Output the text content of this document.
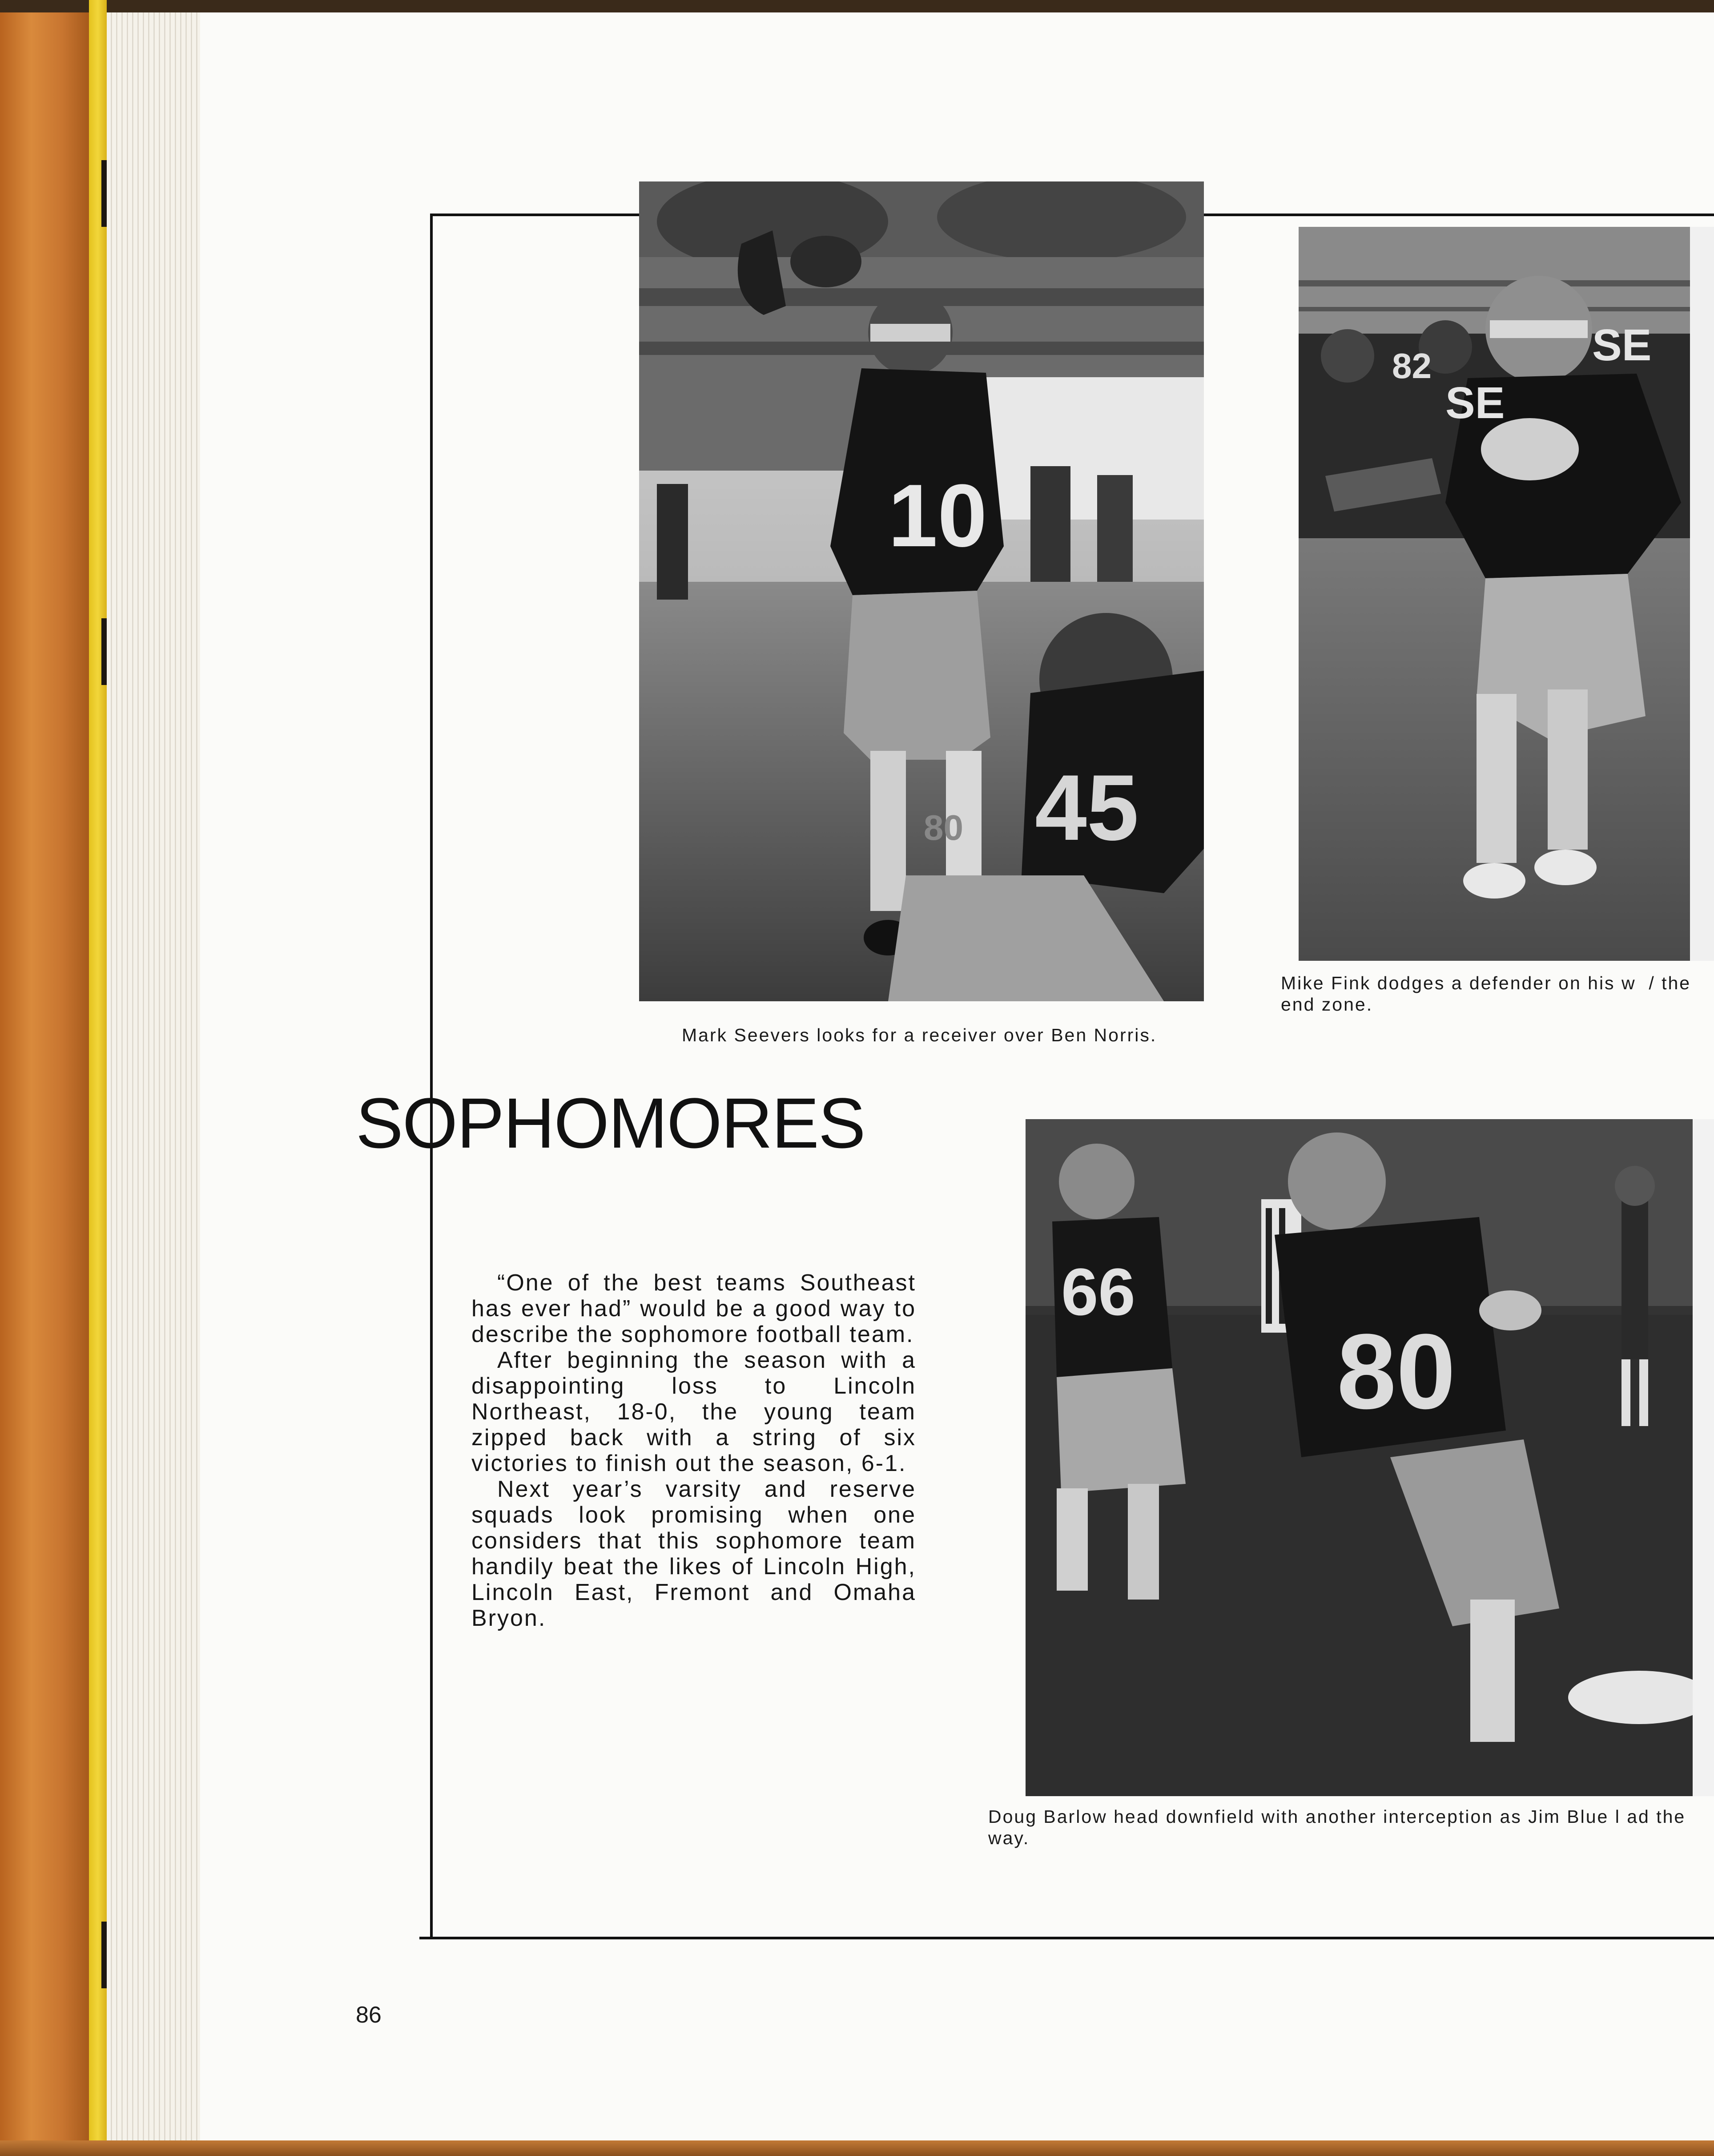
10
45
80

Mark Seevers looks for a receiver over Ben Norris.

82
SE
SE

Mike Fink dodges a defender on his w  / the end zone.

SOPHOMORES
66
80

Doug Barlow head downfield with another interception as Jim Blue l ad the way.

“One of the best teams Southeast has ever had” would be a good way to describe the sophomore football team.

After beginning the season with a disappointing loss to Lincoln Northeast, 18-0, the young team zipped back with a string of six victories to finish out the season, 6-1.

Next year’s varsity and reserve squads look promising when one considers that this sophomore team handily beat the likes of Lincoln High, Lincoln East, Fremont and Omaha Bryon.

86
